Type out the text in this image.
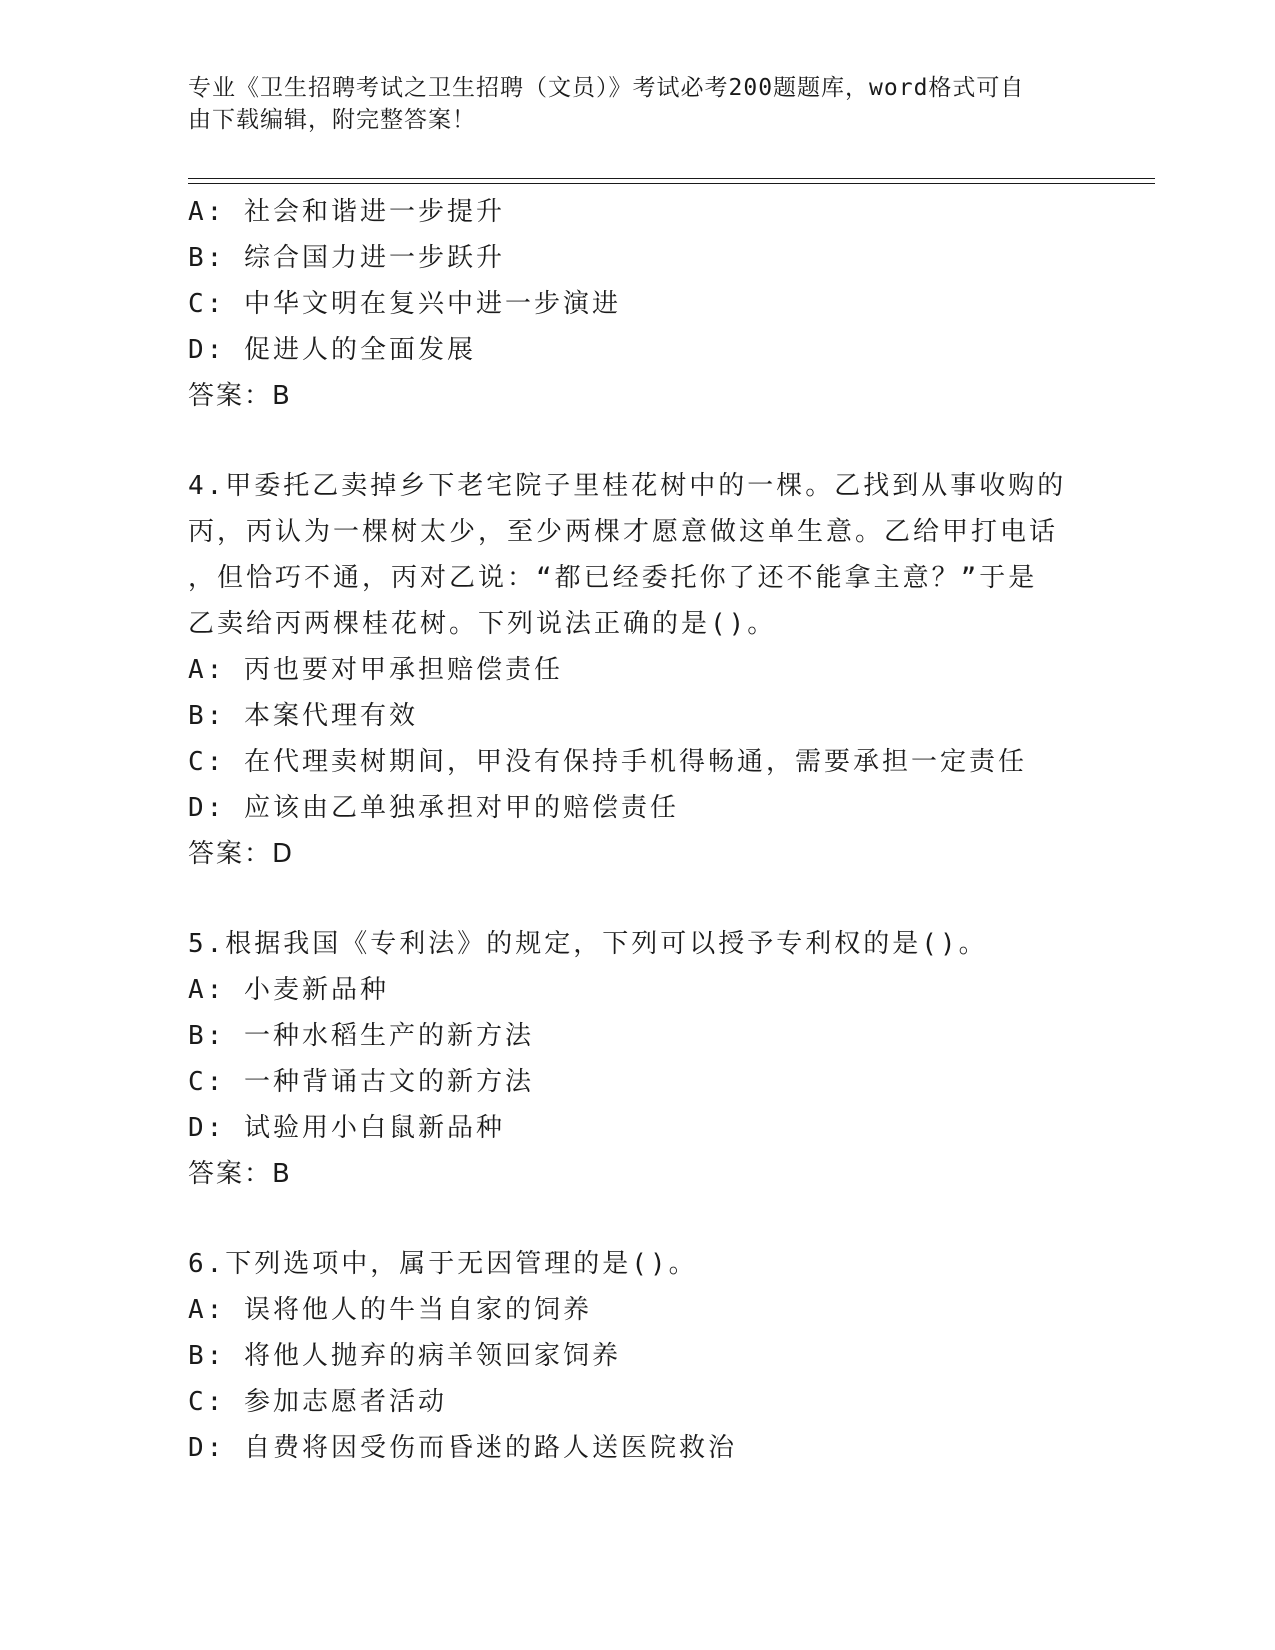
专业《卫生招聘考试之卫生招聘（文员）》考试必考200题题库，word格式可自
由下载编辑，附完整答案！
A: 社会和谐进一步提升
B: 综合国力进一步跃升
C: 中华文明在复兴中进一步演进
D: 促进人的全面发展
答案：B
4.甲委托乙卖掉乡下老宅院子里桂花树中的一棵。乙找到从事收购的
丙，丙认为一棵树太少，至少两棵才愿意做这单生意。乙给甲打电话
，但恰巧不通，丙对乙说：“都已经委托你了还不能拿主意？”于是
乙卖给丙两棵桂花树。下列说法正确的是()。
A: 丙也要对甲承担赔偿责任
B: 本案代理有效
C: 在代理卖树期间，甲没有保持手机得畅通，需要承担一定责任
D: 应该由乙单独承担对甲的赔偿责任
答案：D
5.根据我国《专利法》的规定，下列可以授予专利权的是()。
A: 小麦新品种
B: 一种水稻生产的新方法
C: 一种背诵古文的新方法
D: 试验用小白鼠新品种
答案：B
6.下列选项中，属于无因管理的是()。
A: 误将他人的牛当自家的饲养
B: 将他人抛弃的病羊领回家饲养
C: 参加志愿者活动
D: 自费将因受伤而昏迷的路人送医院救治
